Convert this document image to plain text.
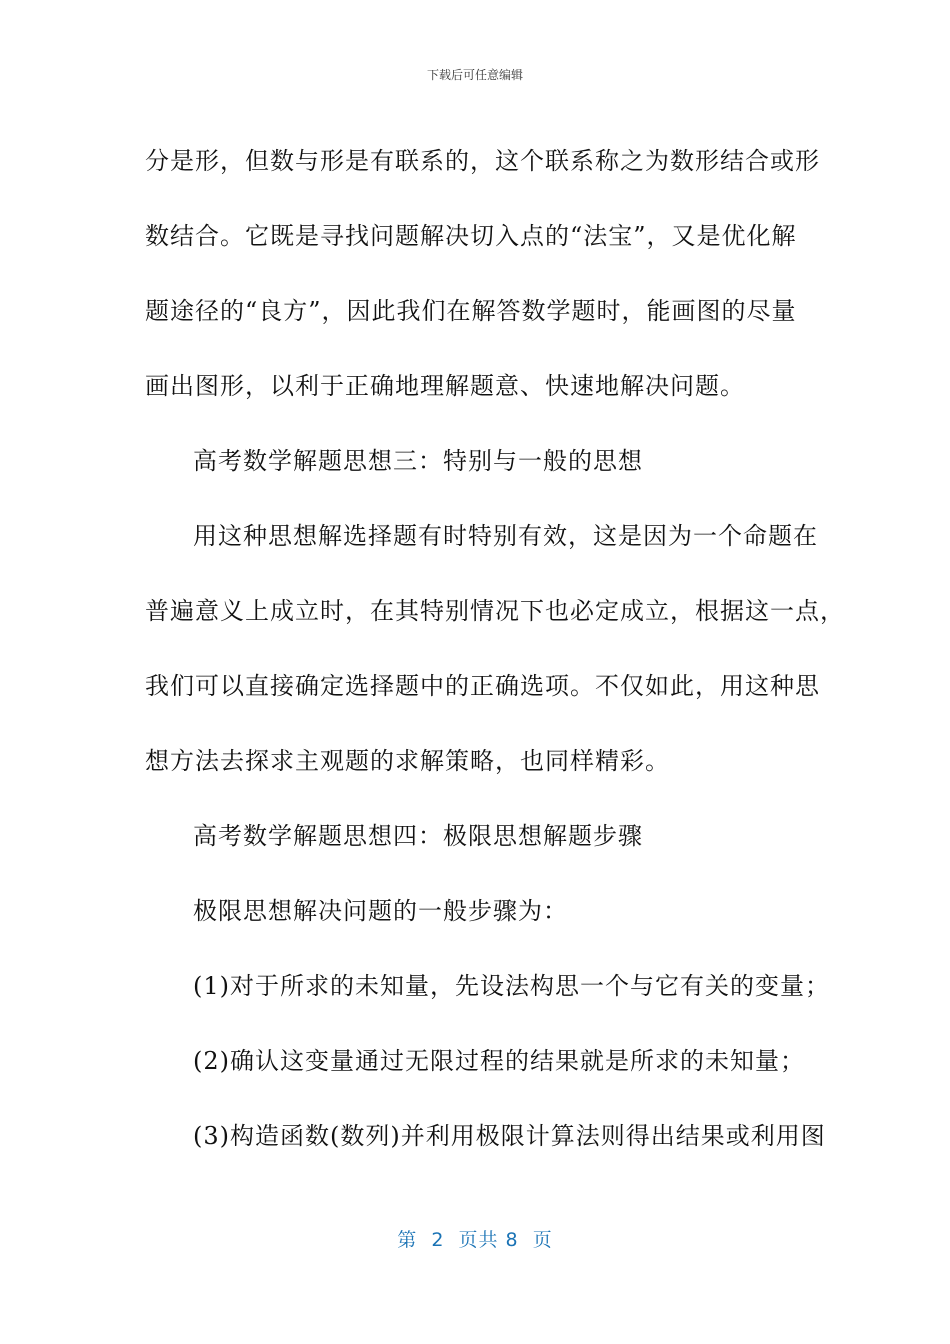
下载后可任意编辑
分是形，但数与形是有联系的，这个联系称之为数形结合或形
数结合。它既是寻找问题解决切入点的“法宝”，又是优化解
题途径的“良方”，因此我们在解答数学题时，能画图的尽量
画出图形，以利于正确地理解题意、快速地解决问题。
高考数学解题思想三：特别与一般的思想
用这种思想解选择题有时特别有效，这是因为一个命题在
普遍意义上成立时，在其特别情况下也必定成立，根据这一点，
我们可以直接确定选择题中的正确选项。不仅如此，用这种思
想方法去探求主观题的求解策略，也同样精彩。
高考数学解题思想四：极限思想解题步骤
极限思想解决问题的一般步骤为：
(1)对于所求的未知量，先设法构思一个与它有关的变量；
(2)确认这变量通过无限过程的结果就是所求的未知量；
(3)构造函数(数列)并利用极限计算法则得出结果或利用图
第  2  页共 8  页
